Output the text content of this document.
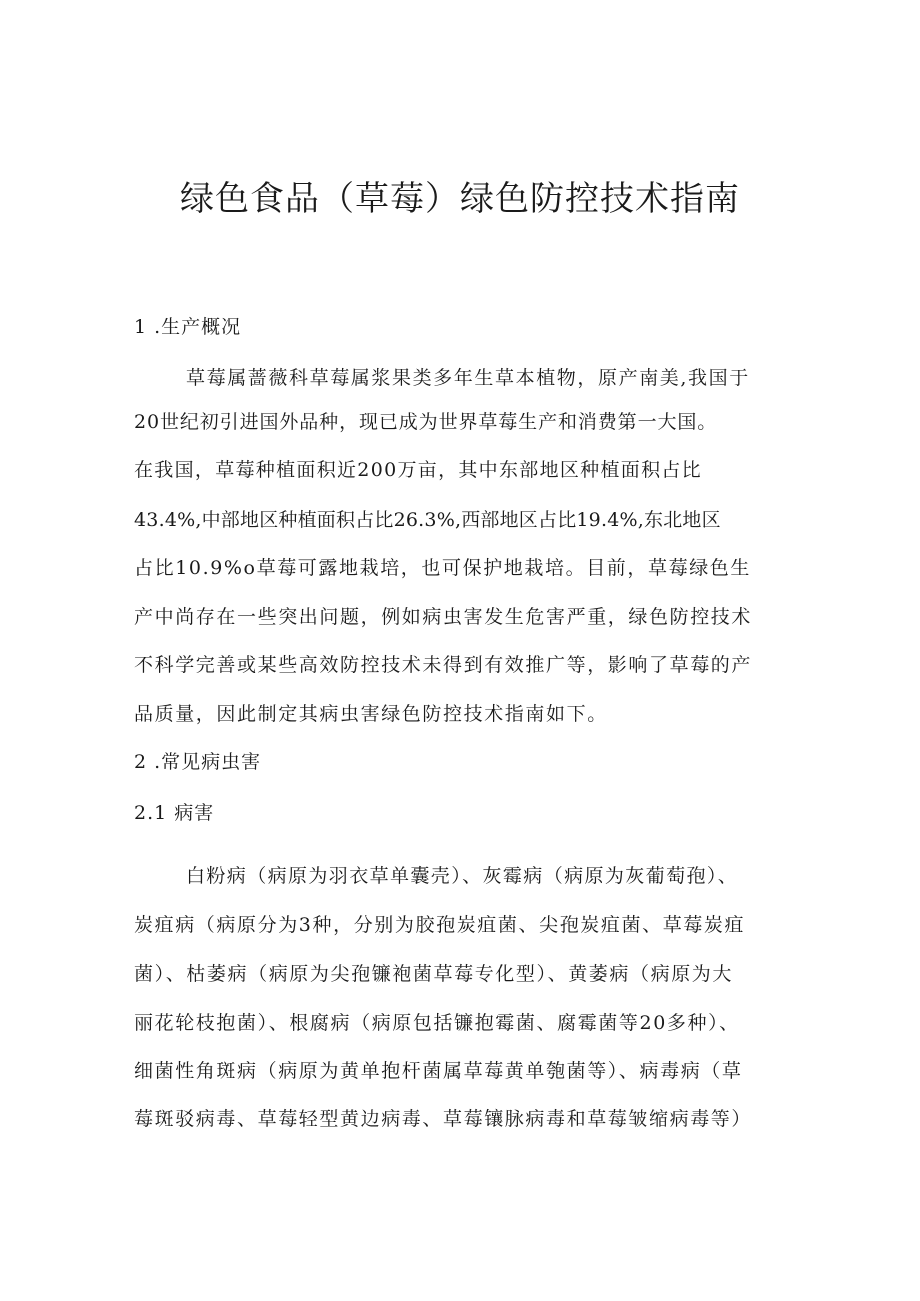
绿色食品（草莓）绿色防控技术指南
1 .生产概况
草莓属蔷薇科草莓属浆果类多年生草本植物，原产南美,我国于
20世纪初引进国外品种，现已成为世界草莓生产和消费第一大国。
在我国，草莓种植面积近200万亩，其中东部地区种植面积占比
43.4%,中部地区种植面积占比26.3%,西部地区占比19.4%,东北地区
占比10.9%o草莓可露地栽培，也可保护地栽培。目前，草莓绿色生
产中尚存在一些突出问题，例如病虫害发生危害严重，绿色防控技术
不科学完善或某些高效防控技术未得到有效推广等，影响了草莓的产
品质量，因此制定其病虫害绿色防控技术指南如下。
2 .常见病虫害
2.1 病害
白粉病（病原为羽衣草单囊壳）、灰霉病（病原为灰葡萄孢）、
炭疽病（病原分为3种，分别为胶孢炭疽菌、尖孢炭疽菌、草莓炭疽
菌）、枯萎病（病原为尖孢镰袍菌草莓专化型）、黄萎病（病原为大
丽花轮枝抱菌）、根腐病（病原包括镰抱霉菌、腐霉菌等20多种）、
细菌性角斑病（病原为黄单抱杆菌属草莓黄单匏菌等）、病毒病（草
莓斑驳病毒、草莓轻型黄边病毒、草莓镶脉病毒和草莓皱缩病毒等）
